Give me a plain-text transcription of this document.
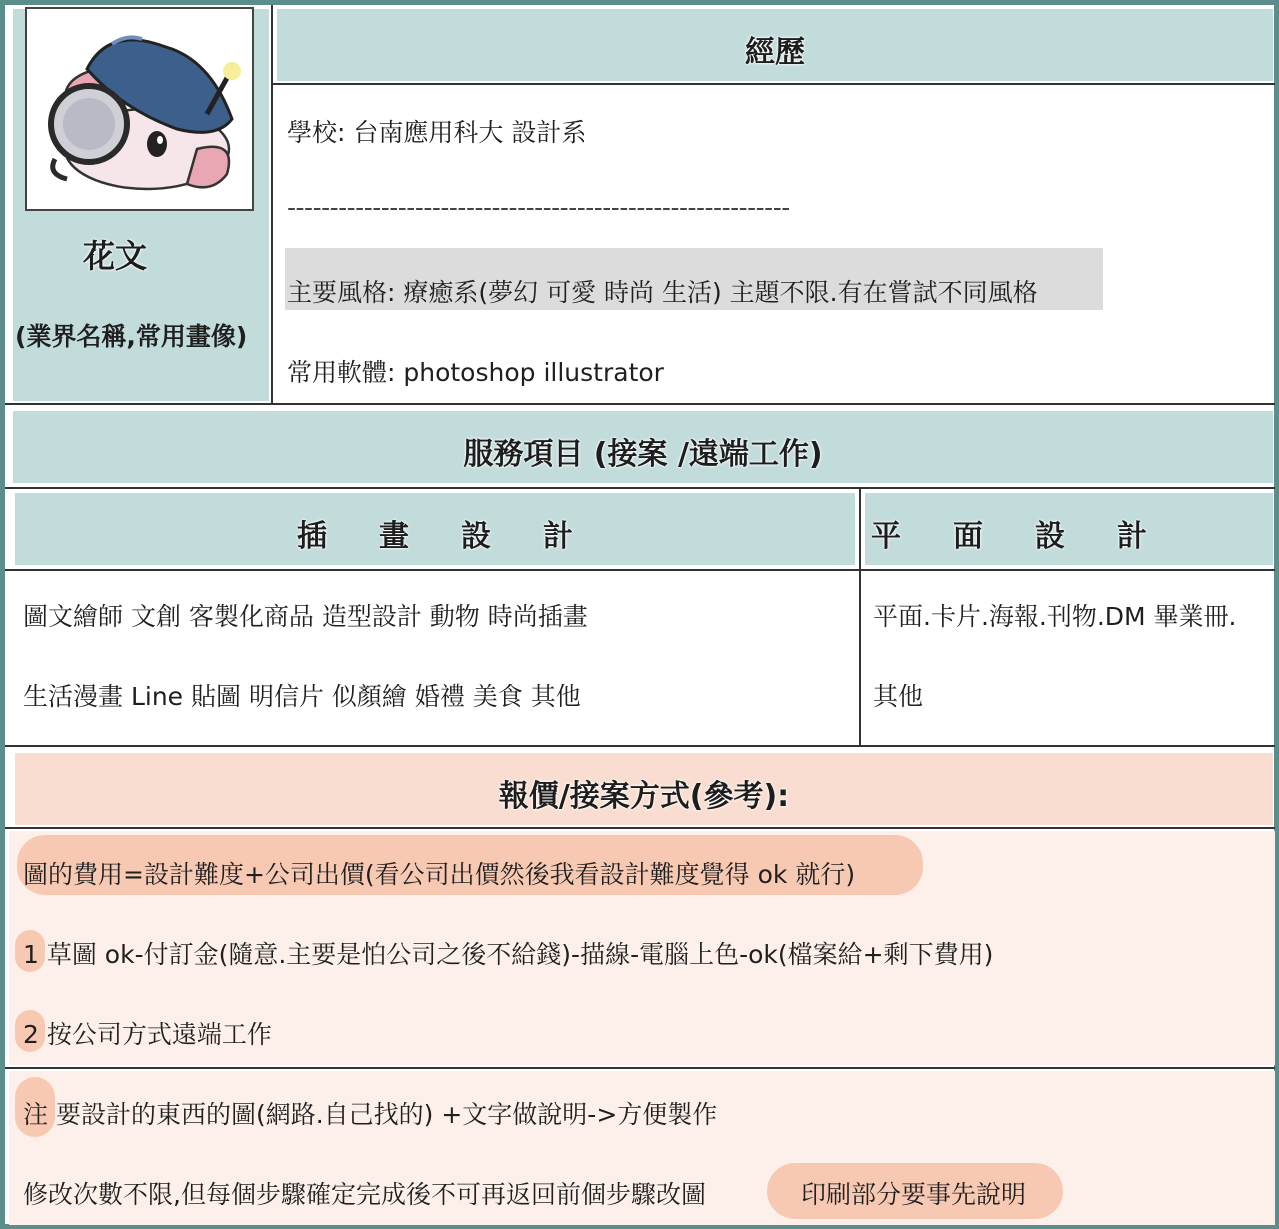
花文
(業界名稱,常用畫像)
經歷
學校: 台南應用科大 設計系
-----------------------------------------------------------
主要風格: 療癒系(夢幻 可愛 時尚 生活) 主題不限.有在嘗試不同風格
常用軟體: photoshop illustrator
服務項目 (接案 /遠端工作)
插畫設計	平面設計
圖文繪師 文創 客製化商品 造型設計 動物 時尚插畫
生活漫畫 Line 貼圖 明信片 似顏繪 婚禮 美食 其他
平面.卡片.海報.刊物.DM 畢業冊.
其他
報價/接案方式(參考):
圖的費用=設計難度+公司出價(看公司出價然後我看設計難度覺得 ok 就行)
1 草圖 ok-付訂金(隨意.主要是怕公司之後不給錢)-描線-電腦上色-ok(檔案給+剩下費用)
2 按公司方式遠端工作
注 要設計的東西的圖(網路.自己找的) +文字做說明->方便製作
修改次數不限,但每個步驟確定完成後不可再返回前個步驟改圖	印刷部分要事先說明
